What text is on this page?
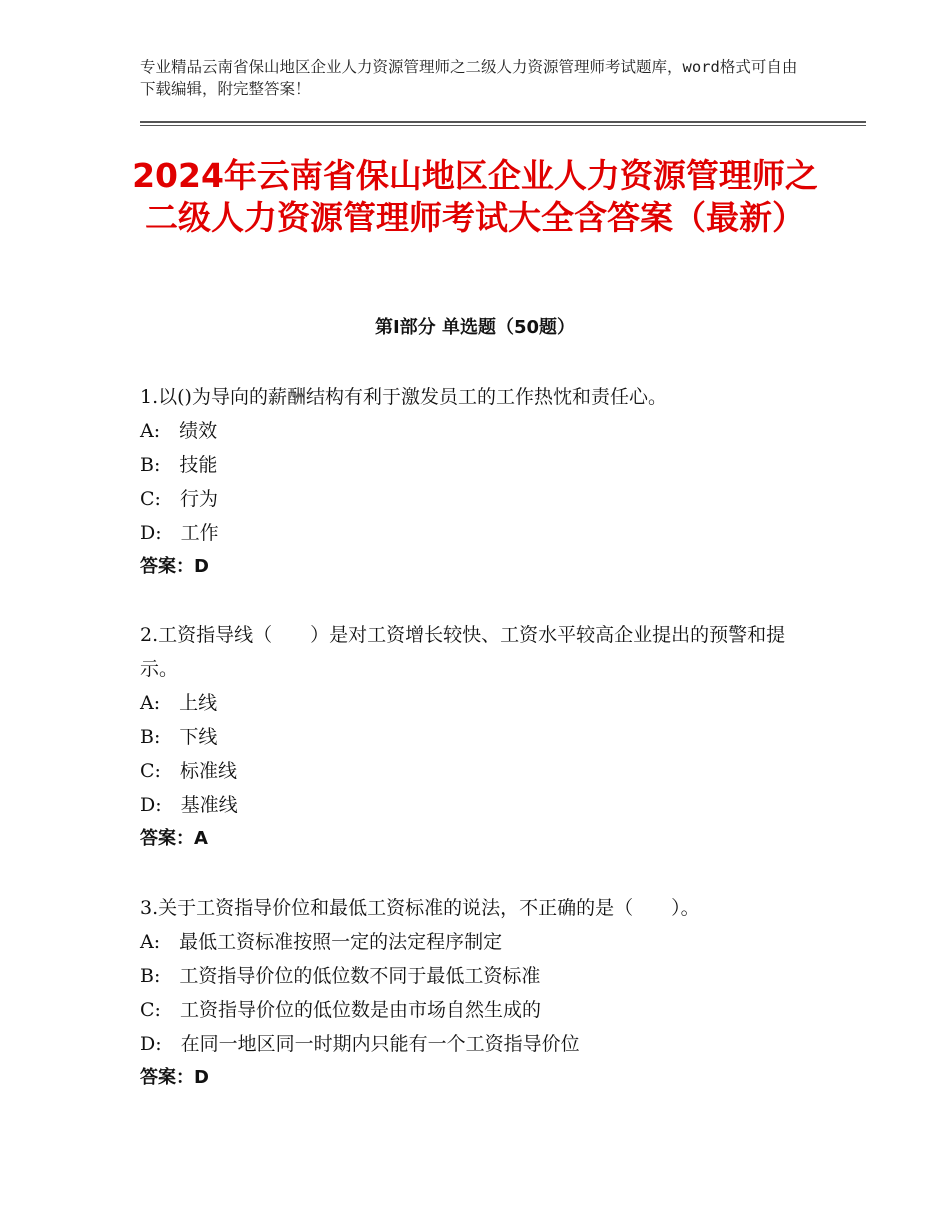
专业精品云南省保山地区企业人力资源管理师之二级人力资源管理师考试题库，word格式可自由下载编辑，附完整答案！
2024年云南省保山地区企业人力资源管理师之二级人力资源管理师考试大全含答案（最新）
第Ⅰ部分 单选题（50题）

1.以()为导向的薪酬结构有利于激发员工的工作热忱和责任心。

A:　绩效

B:　技能

C:　行为

D:　工作

答案：D

2.工资指导线（　　）是对工资增长较快、工资水平较高企业提出的预警和提示。

A:　上线

B:　下线

C:　标准线

D:　基准线

答案：A

3.关于工资指导价位和最低工资标准的说法，不正确的是（　　）。

A:　最低工资标准按照一定的法定程序制定

B:　工资指导价位的低位数不同于最低工资标准

C:　工资指导价位的低位数是由市场自然生成的

D:　在同一地区同一时期内只能有一个工资指导价位

答案：D
